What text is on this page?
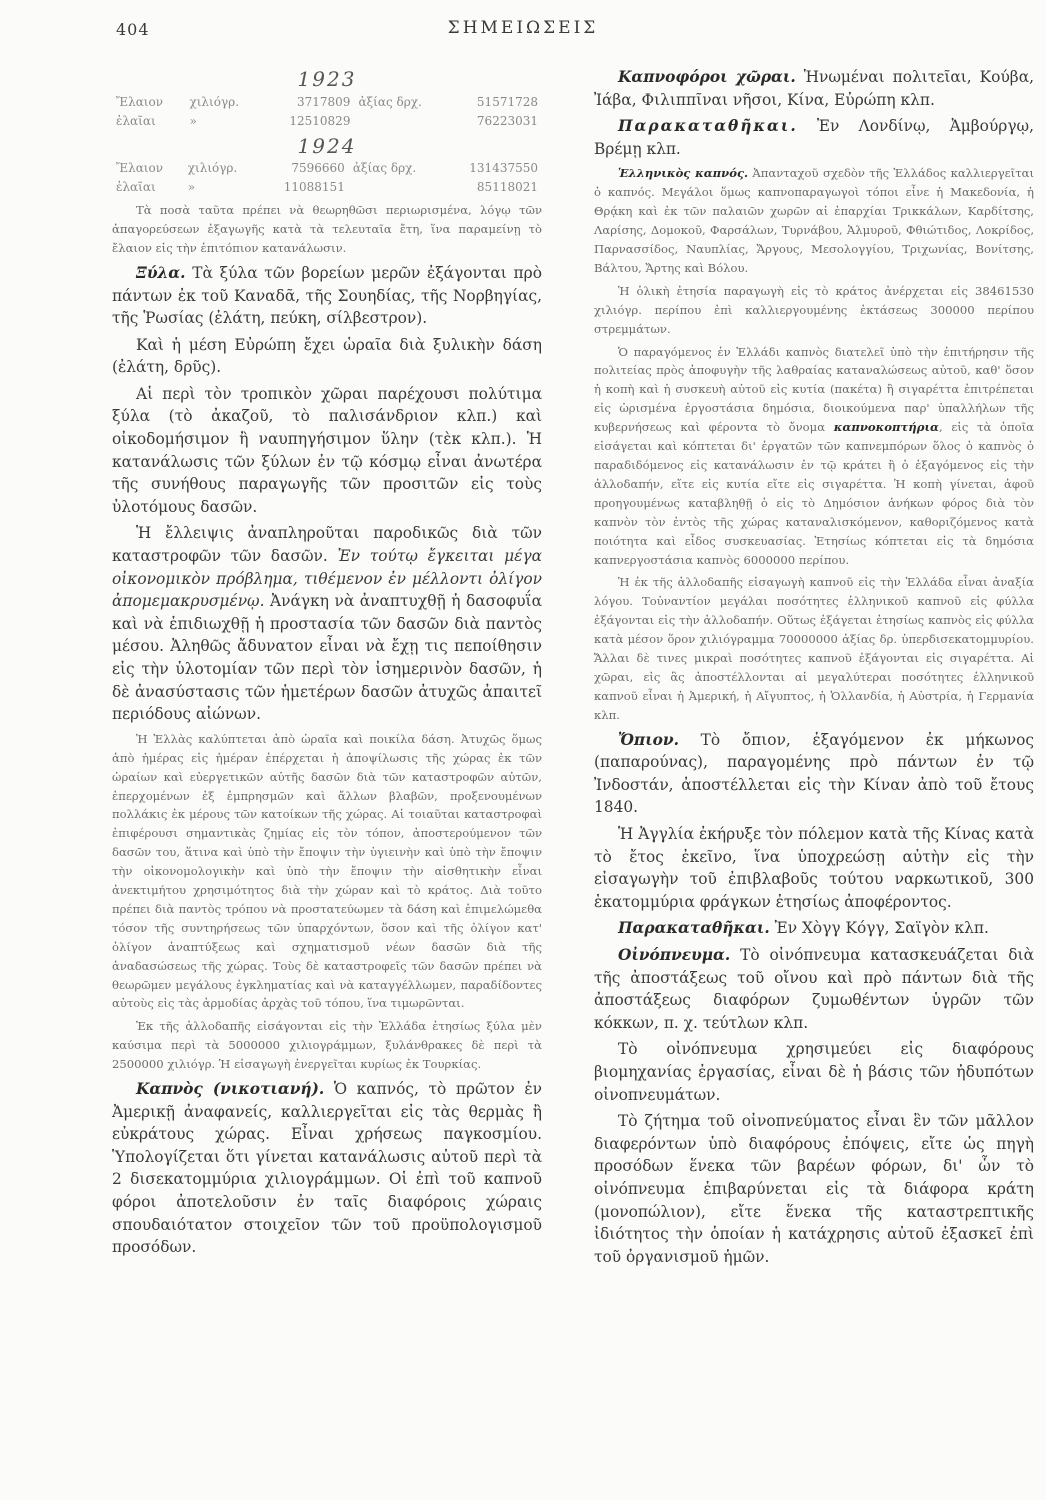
404	ΣΗΜΕΙΩΣΕΙΣ
1923
Ἔλαιον	χιλιόγρ.	3717809	ἀξίας δρχ.	51571728
ἐλαῖαι	»	12510829		76223031
1924
Ἔλαιον	χιλιόγρ.	7596660	ἀξίας δρχ.	131437550
ἐλαῖαι	»	11088151		85118021

Τὰ ποσὰ ταῦτα πρέπει νὰ θεωρηθῶσι περιωρισμένα, λόγῳ τῶν ἀπαγορεύσεων ἐξαγωγῆς κατὰ τὰ τελευταῖα ἔτη, ἵνα παραμείνῃ τὸ ἔλαιον εἰς τὴν ἐπιτόπιον κατανάλωσιν.

Ξύλα. Τὰ ξύλα τῶν βορείων μερῶν ἐξάγονται πρὸ πάντων ἐκ τοῦ Καναδᾶ, τῆς Σουηδίας, τῆς Νορβηγίας, τῆς Ῥωσίας (ἐλάτη, πεύκη, σίλβεστρον).

Καὶ ἡ μέση Εὐρώπη ἔχει ὡραῖα διὰ ξυλικὴν δάση (ἐλάτη, δρῦς).

Αἱ περὶ τὸν τροπικὸν χῶραι παρέχουσι πολύτιμα ξύλα (τὸ ἀκαζοῦ, τὸ παλισάνδριον κλπ.) καὶ οἰκοδομήσιμον ἢ ναυπηγήσιμον ὕλην (τὲκ κλπ.). Ἡ κατανάλωσις τῶν ξύλων ἐν τῷ κόσμῳ εἶναι ἀνωτέρα τῆς συνήθους παραγωγῆς τῶν προσιτῶν εἰς τοὺς ὑλοτόμους δασῶν.

Ἡ ἔλλειψις ἀναπληροῦται παροδικῶς διὰ τῶν καταστροφῶν τῶν δασῶν. Ἐν τούτῳ ἔγκειται μέγα οἰκονομικὸν πρόβλημα, τιθέμενον ἐν μέλλοντι ὀλίγον ἀπομεμακρυσμένῳ. Ἀνάγκη νὰ ἀναπτυχθῇ ἡ δασοφυΐα καὶ νὰ ἐπιδιωχθῇ ἡ προστασία τῶν δασῶν διὰ παντὸς μέσου. Ἀληθῶς ἄδυνατον εἶναι νὰ ἔχῃ τις πεποίθησιν εἰς τὴν ὑλοτομίαν τῶν περὶ τὸν ἰσημερινὸν δασῶν, ἡ δὲ ἀνασύστασις τῶν ἡμετέρων δασῶν ἀτυχῶς ἀπαιτεῖ περιόδους αἰώνων.

Ἡ Ἑλλὰς καλύπτεται ἀπὸ ὡραῖα καὶ ποικίλα δάση. Ἀτυχῶς ὅμως ἀπὸ ἡμέρας εἰς ἡμέραν ἐπέρχεται ἡ ἀποψίλωσις τῆς χώρας ἐκ τῶν ὡραίων καὶ εὐεργετικῶν αὐτῆς δασῶν διὰ τῶν καταστροφῶν αὐτῶν, ἐπερχομένων ἐξ ἐμπρησμῶν καὶ ἄλλων βλαβῶν, προξενουμένων πολλάκις ἐκ μέρους τῶν κατοίκων τῆς χώρας. Αἱ τοιαῦται καταστροφαὶ ἐπιφέρουσι σημαντικὰς ζημίας εἰς τὸν τόπον, ἀποστερούμενον τῶν δασῶν του, ἅτινα καὶ ὑπὸ τὴν ἔποψιν τὴν ὑγιεινὴν καὶ ὑπὸ τὴν ἔποψιν τὴν οἰκονομολογικὴν καὶ ὑπὸ τὴν ἔποψιν τὴν αἰσθητικὴν εἶναι ἀνεκτιμήτου χρησιμότητος διὰ τὴν χώραν καὶ τὸ κράτος. Διὰ τοῦτο πρέπει διὰ παντὸς τρόπου νὰ προστατεύωμεν τὰ δάση καὶ ἐπιμελώμεθα τόσον τῆς συντηρήσεως τῶν ὑπαρχόντων, ὅσον καὶ τῆς ὀλίγον κατ' ὀλίγον ἀναπτύξεως καὶ σχηματισμοῦ νέων δασῶν διὰ τῆς ἀναδασώσεως τῆς χώρας. Τοὺς δὲ καταστροφεῖς τῶν δασῶν πρέπει νὰ θεωρῶμεν μεγάλους ἐγκληματίας καὶ νὰ καταγγέλλωμεν, παραδίδοντες αὐτοὺς εἰς τὰς ἁρμοδίας ἀρχὰς τοῦ τόπου, ἵνα τιμωρῶνται.

Ἐκ τῆς ἀλλοδαπῆς εἰσάγονται εἰς τὴν Ἑλλάδα ἐτησίως ξύλα μὲν καύσιμα περὶ τὰ 5000000 χιλιογράμμων, ξυλάνθρακες δὲ περὶ τὰ 2500000 χιλιόγρ. Ἡ εἰσαγωγὴ ἐνεργεῖται κυρίως ἐκ Τουρκίας.

Καπνὸς (νικοτιανή). Ὁ καπνός, τὸ πρῶτον ἐν Ἀμερικῇ ἀναφανείς, καλλιεργεῖται εἰς τὰς θερμὰς ἢ εὐκράτους χώρας. Εἶναι χρήσεως παγκοσμίου. Ὑπολογίζεται ὅτι γίνεται κατανάλωσις αὐτοῦ περὶ τὰ 2 δισεκατομμύρια χιλιογράμμων. Οἱ ἐπὶ τοῦ καπνοῦ φόροι ἀποτελοῦσιν ἐν ταῖς διαφόροις χώραις σπουδαιότατον στοιχεῖον τῶν τοῦ προϋπολογισμοῦ προσόδων.

Καπνοφόροι χῶραι. Ἡνωμέναι πολιτεῖαι, Κούβα, Ἰάβα, Φιλιππῖναι νῆσοι, Κίνα, Εὐρώπη κλπ.

Παρακαταθῆκαι. Ἐν Λονδίνῳ, Ἀμβούργῳ, Βρέμῃ κλπ.

Ἑλληνικὸς καπνός. Ἀπανταχοῦ σχεδὸν τῆς Ἑλλάδος καλλιεργεῖται ὁ καπνός. Μεγάλοι ὅμως καπνοπαραγωγοὶ τόποι εἶνε ἡ Μακεδονία, ἡ Θρᾴκη καὶ ἐκ τῶν παλαιῶν χωρῶν αἱ ἐπαρχίαι Τρικκάλων, Καρδίτσης, Λαρίσης, Δομοκοῦ, Φαρσάλων, Τυρνάβου, Ἁλμυροῦ, Φθιώτιδος, Λοκρίδος, Παρνασσίδος, Ναυπλίας, Ἄργους, Μεσολογγίου, Τριχωνίας, Βονίτσης, Βάλτου, Ἄρτης καὶ Βόλου.

Ἡ ὁλικὴ ἐτησία παραγωγὴ εἰς τὸ κράτος ἀνέρχεται εἰς 38461530 χιλιόγρ. περίπου ἐπὶ καλλιεργουμένης ἐκτάσεως 300000 περίπου στρεμμάτων.

Ὁ παραγόμενος ἐν Ἑλλάδι καπνὸς διατελεῖ ὑπὸ τὴν ἐπιτήρησιν τῆς πολιτείας πρὸς ἀποφυγὴν τῆς λαθραίας καταναλώσεως αὐτοῦ, καθ' ὅσον ἡ κοπὴ καὶ ἡ συσκευὴ αὐτοῦ εἰς κυτία (πακέτα) ἢ σιγαρέττα ἐπιτρέπεται εἰς ὡρισμένα ἐργοστάσια δημόσια, διοικούμενα παρ' ὑπαλλήλων τῆς κυβερνήσεως καὶ φέροντα τὸ ὄνομα καπνοκοπτήρια, εἰς τὰ ὁποῖα εἰσάγεται καὶ κόπτεται δι' ἐργατῶν τῶν καπνεμπόρων ὅλος ὁ καπνὸς ὁ παραδιδόμενος εἰς κατανάλωσιν ἐν τῷ κράτει ἢ ὁ ἐξαγόμενος εἰς τὴν ἀλλοδαπήν, εἴτε εἰς κυτία εἴτε εἰς σιγαρέττα. Ἡ κοπὴ γίνεται, ἀφοῦ προηγουμένως καταβληθῇ ὁ εἰς τὸ Δημόσιον ἀνήκων φόρος διὰ τὸν καπνὸν τὸν ἐντὸς τῆς χώρας καταναλισκόμενον, καθοριζόμενος κατὰ ποιότητα καὶ εἶδος συσκευασίας. Ἐτησίως κόπτεται εἰς τὰ δημόσια καπνεργοστάσια καπνὸς 6000000 περίπου.

Ἡ ἐκ τῆς ἀλλοδαπῆς εἰσαγωγὴ καπνοῦ εἰς τὴν Ἑλλάδα εἶναι ἀναξία λόγου. Τοὐναντίον μεγάλαι ποσότητες ἑλληνικοῦ καπνοῦ εἰς φύλλα ἐξάγονται εἰς τὴν ἀλλοδαπήν. Οὕτως ἐξάγεται ἐτησίως καπνὸς εἰς φύλλα κατὰ μέσον ὅρον χιλιόγραμμα 70000000 ἀξίας δρ. ὑπερδισεκατομμυρίου. Ἄλλαι δὲ τινες μικραὶ ποσότητες καπνοῦ ἐξάγονται εἰς σιγαρέττα. Αἱ χῶραι, εἰς ἃς ἀποστέλλονται αἱ μεγαλύτεραι ποσότητες ἑλληνικοῦ καπνοῦ εἶναι ἡ Ἀμερική, ἡ Αἴγυπτος, ἡ Ὁλλανδία, ἡ Αὐστρία, ἡ Γερμανία κλπ.

Ὄπιον. Τὸ ὄπιον, ἐξαγόμενον ἐκ μήκωνος (παπαρούνας), παραγομένης πρὸ πάντων ἐν τῷ Ἰνδοστάν, ἀποστέλλεται εἰς τὴν Κίναν ἀπὸ τοῦ ἔτους 1840.

Ἡ Ἀγγλία ἐκήρυξε τὸν πόλεμον κατὰ τῆς Κίνας κατὰ τὸ ἔτος ἐκεῖνο, ἵνα ὑποχρεώσῃ αὐτὴν εἰς τὴν εἰσαγωγὴν τοῦ ἐπιβλαβοῦς τούτου ναρκωτικοῦ, 300 ἑκατομμύρια φράγκων ἐτησίως ἀποφέροντος.

Παρακαταθῆκαι. Ἐν Χὸγγ Κόγγ, Σαϊγὸν κλπ.

Οἰνόπνευμα. Τὸ οἰνόπνευμα κατασκευάζεται διὰ τῆς ἀποστάξεως τοῦ οἴνου καὶ πρὸ πάντων διὰ τῆς ἀποστάξεως διαφόρων ζυμωθέντων ὑγρῶν τῶν κόκκων, π. χ. τεύτλων κλπ.

Τὸ οἰνόπνευμα χρησιμεύει εἰς διαφόρους βιομηχανίας ἐργασίας, εἶναι δὲ ἡ βάσις τῶν ἡδυπότων οἰνοπνευμάτων.

Τὸ ζήτημα τοῦ οἰνοπνεύματος εἶναι ἓν τῶν μᾶλλον διαφερόντων ὑπὸ διαφόρους ἐπόψεις, εἴτε ὡς πηγὴ προσόδων ἕνεκα τῶν βαρέων φόρων, δι' ὧν τὸ οἰνόπνευμα ἐπιβαρύνεται εἰς τὰ διάφορα κράτη (μονοπώλιον), εἴτε ἕνεκα τῆς καταστρεπτικῆς ἰδιότητος τὴν ὁποίαν ἡ κατάχρησις αὐτοῦ ἐξασκεῖ ἐπὶ τοῦ ὀργανισμοῦ ἡμῶν.
